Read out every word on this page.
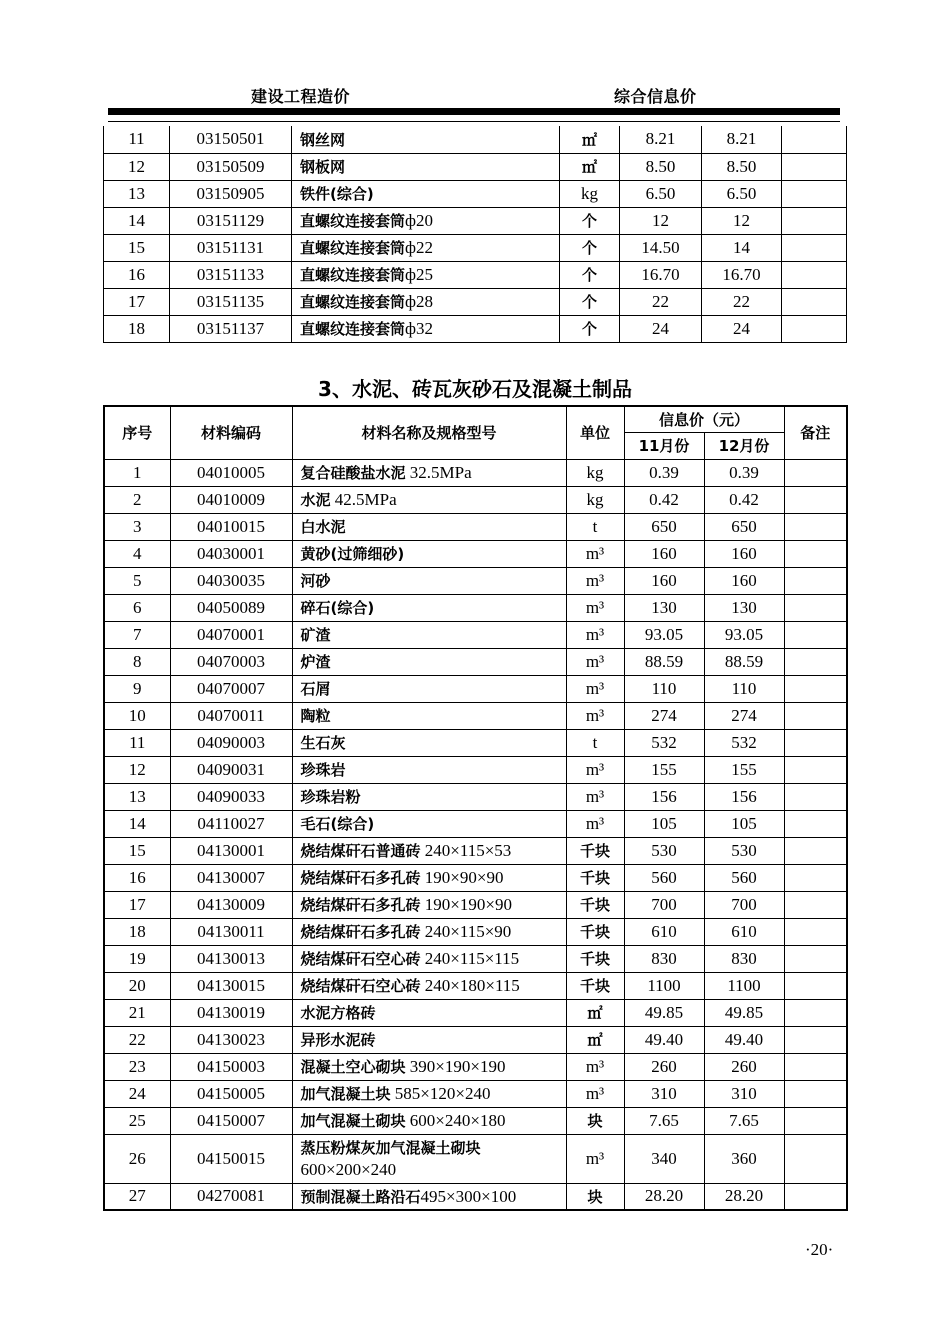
建设工程造价	综合信息价
11	03150501	钢丝网	㎡	8.21	8.21	
12	03150509	钢板网	㎡	8.50	8.50	
13	03150905	铁件(综合)	kg	6.50	6.50	
14	03151129	直螺纹连接套筒ф20	个	12	12	
15	03151131	直螺纹连接套筒ф22	个	14.50	14	
16	03151133	直螺纹连接套筒ф25	个	16.70	16.70	
17	03151135	直螺纹连接套筒ф28	个	22	22	
18	03151137	直螺纹连接套筒ф32	个	24	24	
3、水泥、砖瓦灰砂石及混凝土制品
序号	材料编码	材料名称及规格型号	单位	信息价（元）		备注
				11月份	12月份	
1	04010005	复合硅酸盐水泥 32.5MPa	kg	0.39	0.39	
2	04010009	水泥 42.5MPa	kg	0.42	0.42	
3	04010015	白水泥	t	650	650	
4	04030001	黄砂(过筛细砂)	m³	160	160	
5	04030035	河砂	m³	160	160	
6	04050089	碎石(综合)	m³	130	130	
7	04070001	矿渣	m³	93.05	93.05	
8	04070003	炉渣	m³	88.59	88.59	
9	04070007	石屑	m³	110	110	
10	04070011	陶粒	m³	274	274	
11	04090003	生石灰	t	532	532	
12	04090031	珍珠岩	m³	155	155	
13	04090033	珍珠岩粉	m³	156	156	
14	04110027	毛石(综合)	m³	105	105	
15	04130001	烧结煤矸石普通砖 240×115×53	千块	530	530	
16	04130007	烧结煤矸石多孔砖 190×90×90	千块	560	560	
17	04130009	烧结煤矸石多孔砖 190×190×90	千块	700	700	
18	04130011	烧结煤矸石多孔砖 240×115×90	千块	610	610	
19	04130013	烧结煤矸石空心砖 240×115×115	千块	830	830	
20	04130015	烧结煤矸石空心砖 240×180×115	千块	1100	1100	
21	04130019	水泥方格砖	㎡	49.85	49.85	
22	04130023	异形水泥砖	㎡	49.40	49.40	
23	04150003	混凝土空心砌块 390×190×190	m³	260	260	
24	04150005	加气混凝土块 585×120×240	m³	310	310	
25	04150007	加气混凝土砌块 600×240×180	块	7.65	7.65	
26	04150015	蒸压粉煤灰加气混凝土砌块
600×200×240	m³	340	360	
27	04270081	预制混凝土路沿石495×300×100	块	28.20	28.20	
·20·
